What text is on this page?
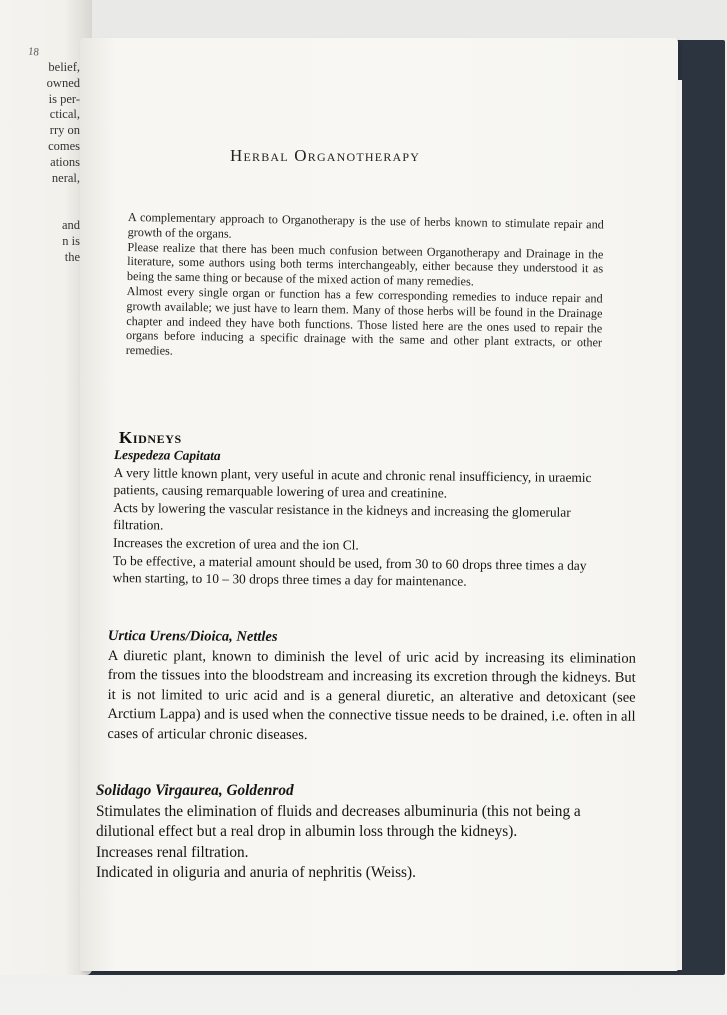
18
belief,
owned
is per-
ctical,
rry on
comes
ations
neral,

and
n is
the
Herbal Organotherapy

A complementary approach to Organotherapy is the use of herbs known to stimulate repair and growth of the organs.

Please realize that there has been much confusion between Organotherapy and Drainage in the literature, some authors using both terms interchangeably, either because they understood it as being the same thing or because of the mixed action of many remedies.

Almost every single organ or function has a few corresponding remedies to induce repair and growth available; we just have to learn them. Many of those herbs will be found in the Drainage chapter and indeed they have both functions. Those listed here are the ones used to repair the organs before inducing a specific drainage with the same and other plant extracts, or other remedies.

Kidneys

Lespedeza Capitata

A very little known plant, very useful in acute and chronic renal insufficiency, in uraemic patients, causing remarquable lowering of urea and creatinine.

Acts by lowering the vascular resistance in the kidneys and increasing the glomerular filtration.

Increases the excretion of urea and the ion Cl.

To be effective, a material amount should be used, from 30 to 60 drops three times a day when starting, to 10 – 30 drops three times a day for maintenance.

Urtica Urens/Dioica, Nettles

A diuretic plant, known to diminish the level of uric acid by increasing its elimination from the tissues into the bloodstream and increasing its excretion through the kidneys. But it is not limited to uric acid and is a general diuretic, an alterative and detoxicant (see Arctium Lappa) and is used when the connective tissue needs to be drained, i.e. often in all cases of articular chronic diseases.

Solidago Virgaurea, Goldenrod

Stimulates the elimination of fluids and decreases albuminuria (this not being a dilutional effect but a real drop in albumin loss through the kidneys).

Increases renal filtration.

Indicated in oliguria and anuria of nephritis (Weiss).
